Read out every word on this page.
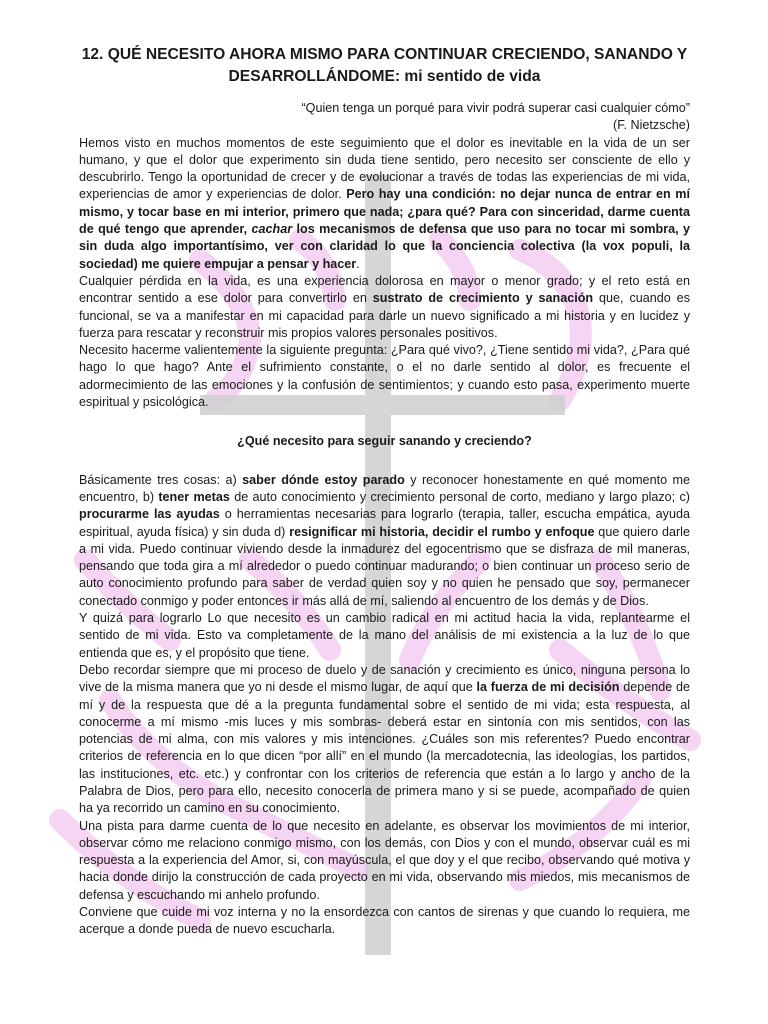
12. QUÉ NECESITO AHORA MISMO PARA CONTINUAR CRECIENDO, SANANDO Y DESARROLLÁNDOME: mi sentido de vida

“Quien tenga un porqué para vivir podrá superar casi cualquier cómo”

(F. Nietzsche)

Hemos visto en muchos momentos de este seguimiento que el dolor es inevitable en la vida de un ser humano, y que el dolor que experimento sin duda tiene sentido, pero necesito ser consciente de ello y descubrirlo. Tengo la oportunidad de crecer y de evolucionar a través de todas las experiencias de mi vida, experiencias de amor y experiencias de dolor. Pero hay una condición: no dejar nunca de entrar en mí mismo, y tocar base en mi interior, primero que nada; ¿para qué? Para con sinceridad, darme cuenta de qué tengo que aprender, cachar los mecanismos de defensa que uso para no tocar mi sombra, y sin duda algo importantísimo, ver con claridad lo que la conciencia colectiva (la vox populi, la sociedad) me quiere empujar a pensar y hacer.

Cualquier pérdida en la vida, es una experiencia dolorosa en mayor o menor grado; y el reto está en encontrar sentido a ese dolor para convertirlo en sustrato de crecimiento y sanación que, cuando es funcional, se va a manifestar en mi capacidad para darle un nuevo significado a mi historia y en lucidez y fuerza para rescatar y reconstruir mis propios valores personales positivos.

Necesito hacerme valientemente la siguiente pregunta: ¿Para qué vivo?, ¿Tiene sentido mi vida?, ¿Para qué hago lo que hago? Ante el sufrimiento constante, o el no darle sentido al dolor, es frecuente el adormecimiento de las emociones y la confusión de sentimientos; y cuando esto pasa, experimento muerte espiritual y psicológica.

¿Qué necesito para seguir sanando y creciendo?

Básicamente tres cosas: a) saber dónde estoy parado y reconocer honestamente en qué momento me encuentro, b) tener metas de auto conocimiento y crecimiento personal de corto, mediano y largo plazo; c) procurarme las ayudas o herramientas necesarias para lograrlo (terapia, taller, escucha empática, ayuda espiritual, ayuda física) y sin duda d) resignificar mi historia, decidir el rumbo y enfoque que quiero darle a mi vida. Puedo continuar viviendo desde la inmadurez del egocentrismo que se disfraza de mil maneras, pensando que toda gira a mí alrededor o puedo continuar madurando; o bien continuar un proceso serio de auto conocimiento profundo para saber de verdad quien soy y no quien he pensado que soy, permanecer conectado conmigo y poder entonces ir más allá de mí, saliendo al encuentro de los demás y de Dios.

Y quizá para lograrlo Lo que necesito es un cambio radical en mi actitud hacia la vida, replantearme el sentido de mi vida. Esto va completamente de la mano del análisis de mi existencia a la luz de lo que entienda que es, y el propósito que tiene.

Debo recordar siempre que mi proceso de duelo y de sanación y crecimiento es único, ninguna persona lo vive de la misma manera que yo ni desde el mismo lugar, de aquí que la fuerza de mi decisión depende de mí y de la respuesta que dé a la pregunta fundamental sobre el sentido de mi vida; esta respuesta, al conocerme a mí mismo -mis luces y mis sombras- deberá estar en sintonía con mis sentidos, con las potencias de mi alma, con mis valores y mis intenciones. ¿Cuáles son mis referentes? Puedo encontrar criterios de referencia en lo que dicen “por allí” en el mundo (la mercadotecnia, las ideologías, los partidos, las instituciones, etc. etc.) y confrontar con los criterios de referencia que están a lo largo y ancho de la Palabra de Dios, pero para ello, necesito conocerla de primera mano y si se puede, acompañado de quien ha ya recorrido un camino en su conocimiento.

Una pista para darme cuenta de lo que necesito en adelante, es observar los movimientos de mi interior, observar cómo me relaciono conmigo mismo, con los demás, con Dios y con el mundo, observar cuál es mi respuesta a la experiencia del Amor, si, con mayúscula, el que doy y el que recibo, observando qué motiva y hacia donde dirijo la construcción de cada proyecto en mi vida, observando mis miedos, mis mecanismos de defensa y escuchando mi anhelo profundo.

Conviene que cuide mi voz interna y no la ensordezca con cantos de sirenas y que cuando lo requiera, me acerque a donde pueda de nuevo escucharla.
